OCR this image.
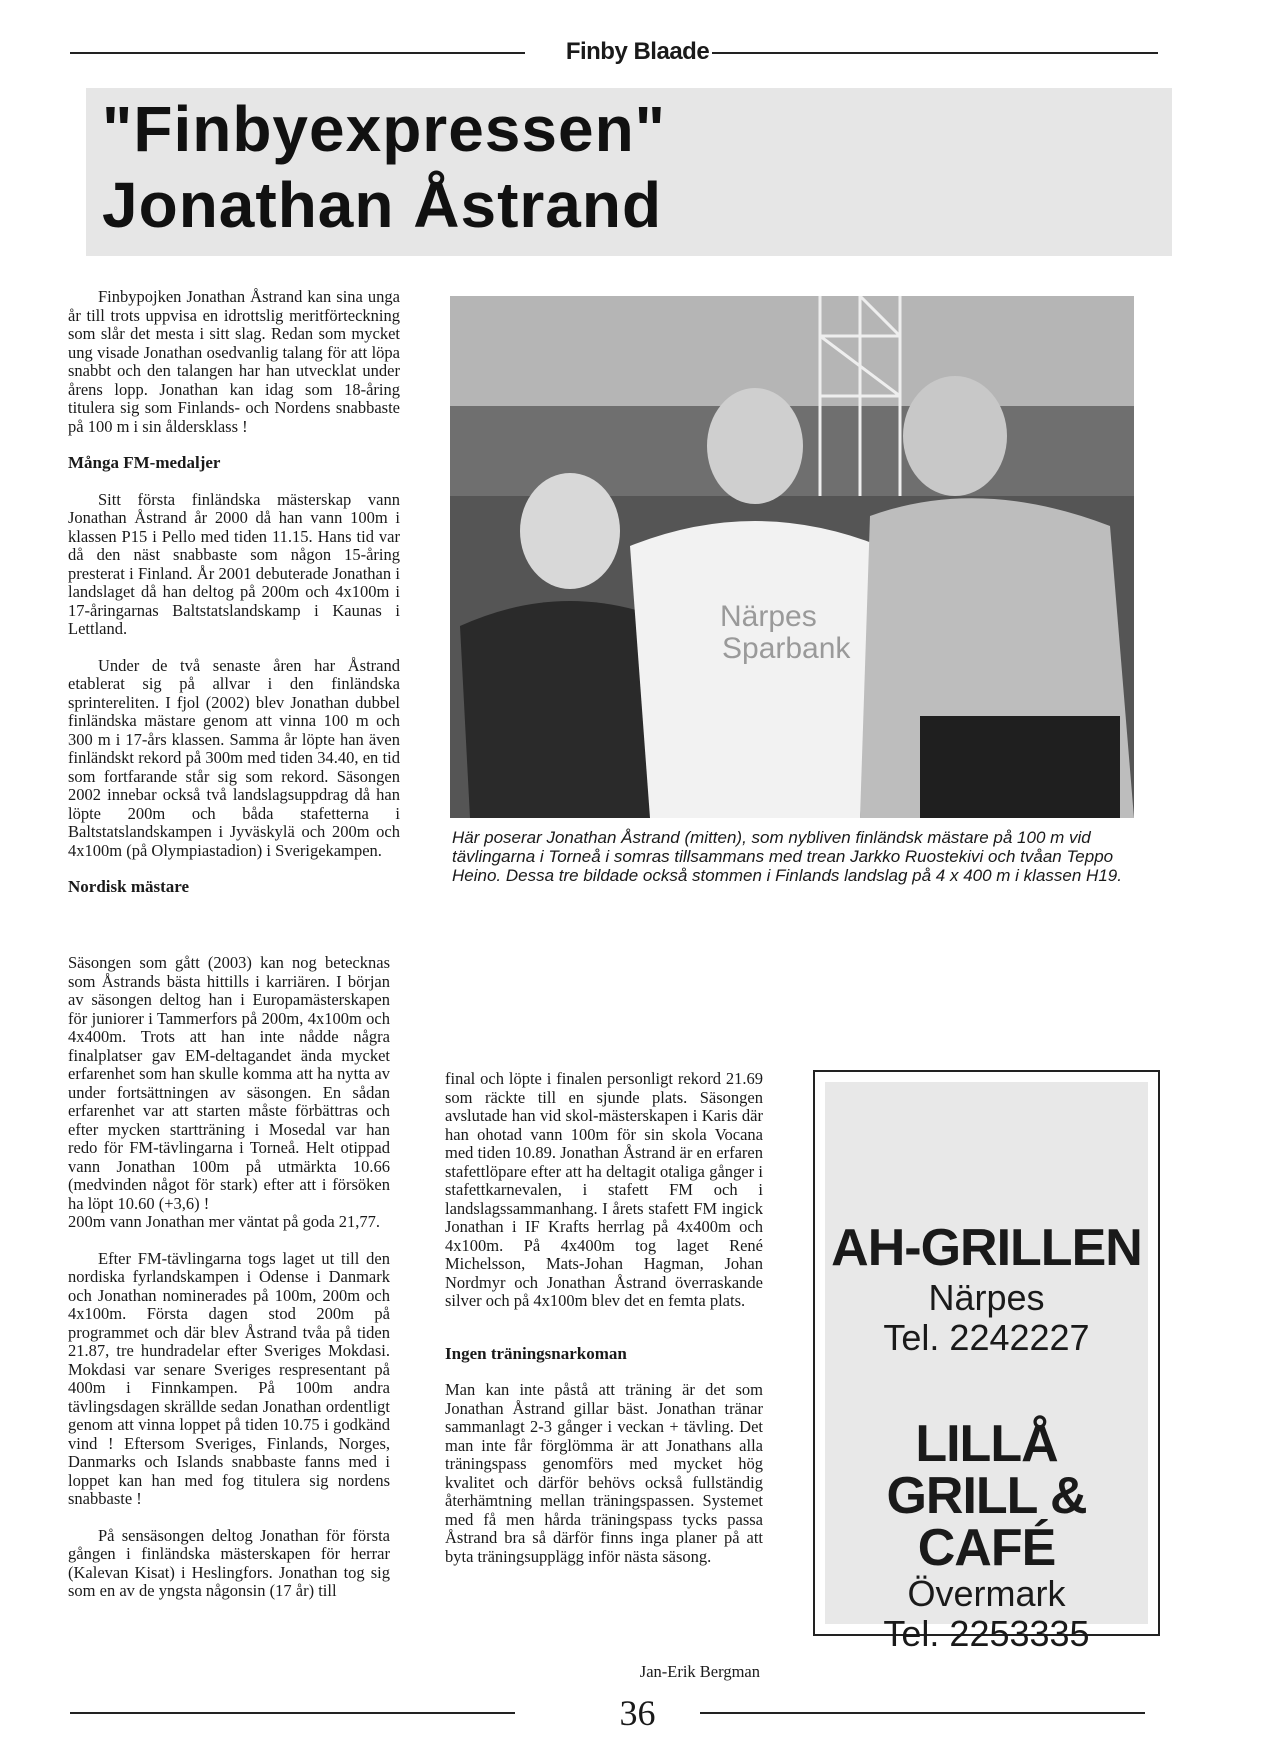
Finby Blaade
"Finbyexpressen"
Jonathan Åstrand

Finbypojken Jonathan Åstrand kan sina unga år till trots uppvisa en idrottslig meritförteckning som slår det mesta i sitt slag. Redan som mycket ung visade Jonathan osedvanlig talang för att löpa snabbt och den talangen har han utvecklat under årens lopp. Jonathan kan idag som 18-åring titulera sig som Finlands- och Nordens snabbaste på 100 m i sin åldersklass !

Många FM-medaljer

Sitt första finländska mästerskap vann Jonathan Åstrand år 2000 då han vann 100m i klassen P15 i Pello med tiden 11.15. Hans tid var då den näst snabbaste som någon 15-åring presterat i Finland. År 2001 debuterade Jonathan i landslaget då han deltog på 200m och 4x100m i 17-åringarnas Baltstatslandskamp i Kaunas i Lettland.

Under de två senaste åren har Åstrand etablerat sig på allvar i den finländska sprintereliten. I fjol (2002) blev Jonathan dubbel finländska mästare genom att vinna 100 m och 300 m i 17-års klassen. Samma år löpte han även finländskt rekord på 300m med tiden 34.40, en tid som fortfarande står sig som rekord. Säsongen 2002 innebar också två landslagsuppdrag då han löpte 200m och båda stafetterna i Baltstatslandskampen i Jyväskylä och 200m och 4x100m (på Olympiastadion) i Sverigekampen.

Nordisk mästare

Säsongen som gått (2003) kan nog betecknas som Åstrands bästa hittills i karriären. I början av säsongen deltog han i Europamästerskapen för juniorer i Tammerfors på 200m, 4x100m och 4x400m. Trots att han inte nådde några finalplatser gav EM-deltagandet ända mycket erfarenhet som han skulle komma att ha nytta av under fortsättningen av säsongen. En sådan erfarenhet var att starten måste förbättras och efter mycken startträning i Mosedal var han redo för FM-tävlingarna i Torneå. Helt otippad vann Jonathan 100m på utmärkta 10.66 (medvinden något för stark) efter att i försöken ha löpt 10.60 (+3,6) !

200m vann Jonathan mer väntat på goda 21,77.

Efter FM-tävlingarna togs laget ut till den nordiska fyrlandskampen i Odense i Danmark och Jonathan nominerades på 100m, 200m och 4x100m. Första dagen stod 200m på programmet och där blev Åstrand tvåa på tiden 21.87, tre hundradelar efter Sveriges Mokdasi. Mokdasi var senare Sveriges respresentant på 400m i Finnkampen. På 100m andra tävlingsdagen skrällde sedan Jonathan ordentligt genom att vinna loppet på tiden 10.75 i godkänd vind ! Eftersom Sveriges, Finlands, Norges, Danmarks och Islands snabbaste fanns med i loppet kan han med fog titulera sig nordens snabbaste !

På sensäsongen deltog Jonathan för första gången i finländska mästerskapen för herrar (Kalevan Kisat) i Heslingfors. Jonathan tog sig som en av de yngsta någonsin (17 år) till

Närpes
Sparbank
Här poserar Jonathan Åstrand (mitten), som nybliven finländsk mästare på 100 m vid tävlingarna i Torneå i somras tillsammans med trean Jarkko Ruostekivi och tvåan Teppo Heino. Dessa tre bildade också stommen i Finlands landslag på 4 x 400 m i klassen H19.

final och löpte i finalen personligt rekord 21.69 som räckte till en sjunde plats. Säsongen avslutade han vid skol-mästerskapen i Karis där han ohotad vann 100m för sin skola Vocana med tiden 10.89. Jonathan Åstrand är en erfaren stafettlöpare efter att ha deltagit otaliga gånger i stafettkarnevalen, i stafett FM och i landslagssammanhang. I årets stafett FM ingick Jonathan i IF Krafts herrlag på 4x400m och 4x100m. På 4x400m tog laget René Michelsson, Mats-Johan Hagman, Johan Nordmyr och Jonathan Åstrand överraskande silver och på 4x100m blev det en femta plats.

Ingen träningsnarkoman

Man kan inte påstå att träning är det som Jonathan Åstrand gillar bäst. Jonathan tränar sammanlagt 2-3 gånger i veckan + tävling. Det man inte får förglömma är att Jonathans alla träningspass genomförs med mycket hög kvalitet och därför behövs också fullständig återhämtning mellan träningspassen. Systemet med få men hårda träningspass tycks passa Åstrand bra så därför finns inga planer på att byta träningsupplägg inför nästa säsong.

Jan-Erik Bergman
AH-GRILLEN
Närpes
Tel. 2242227
LILLÅ
GRILL & CAFÉ
Övermark
Tel. 2253335
36
